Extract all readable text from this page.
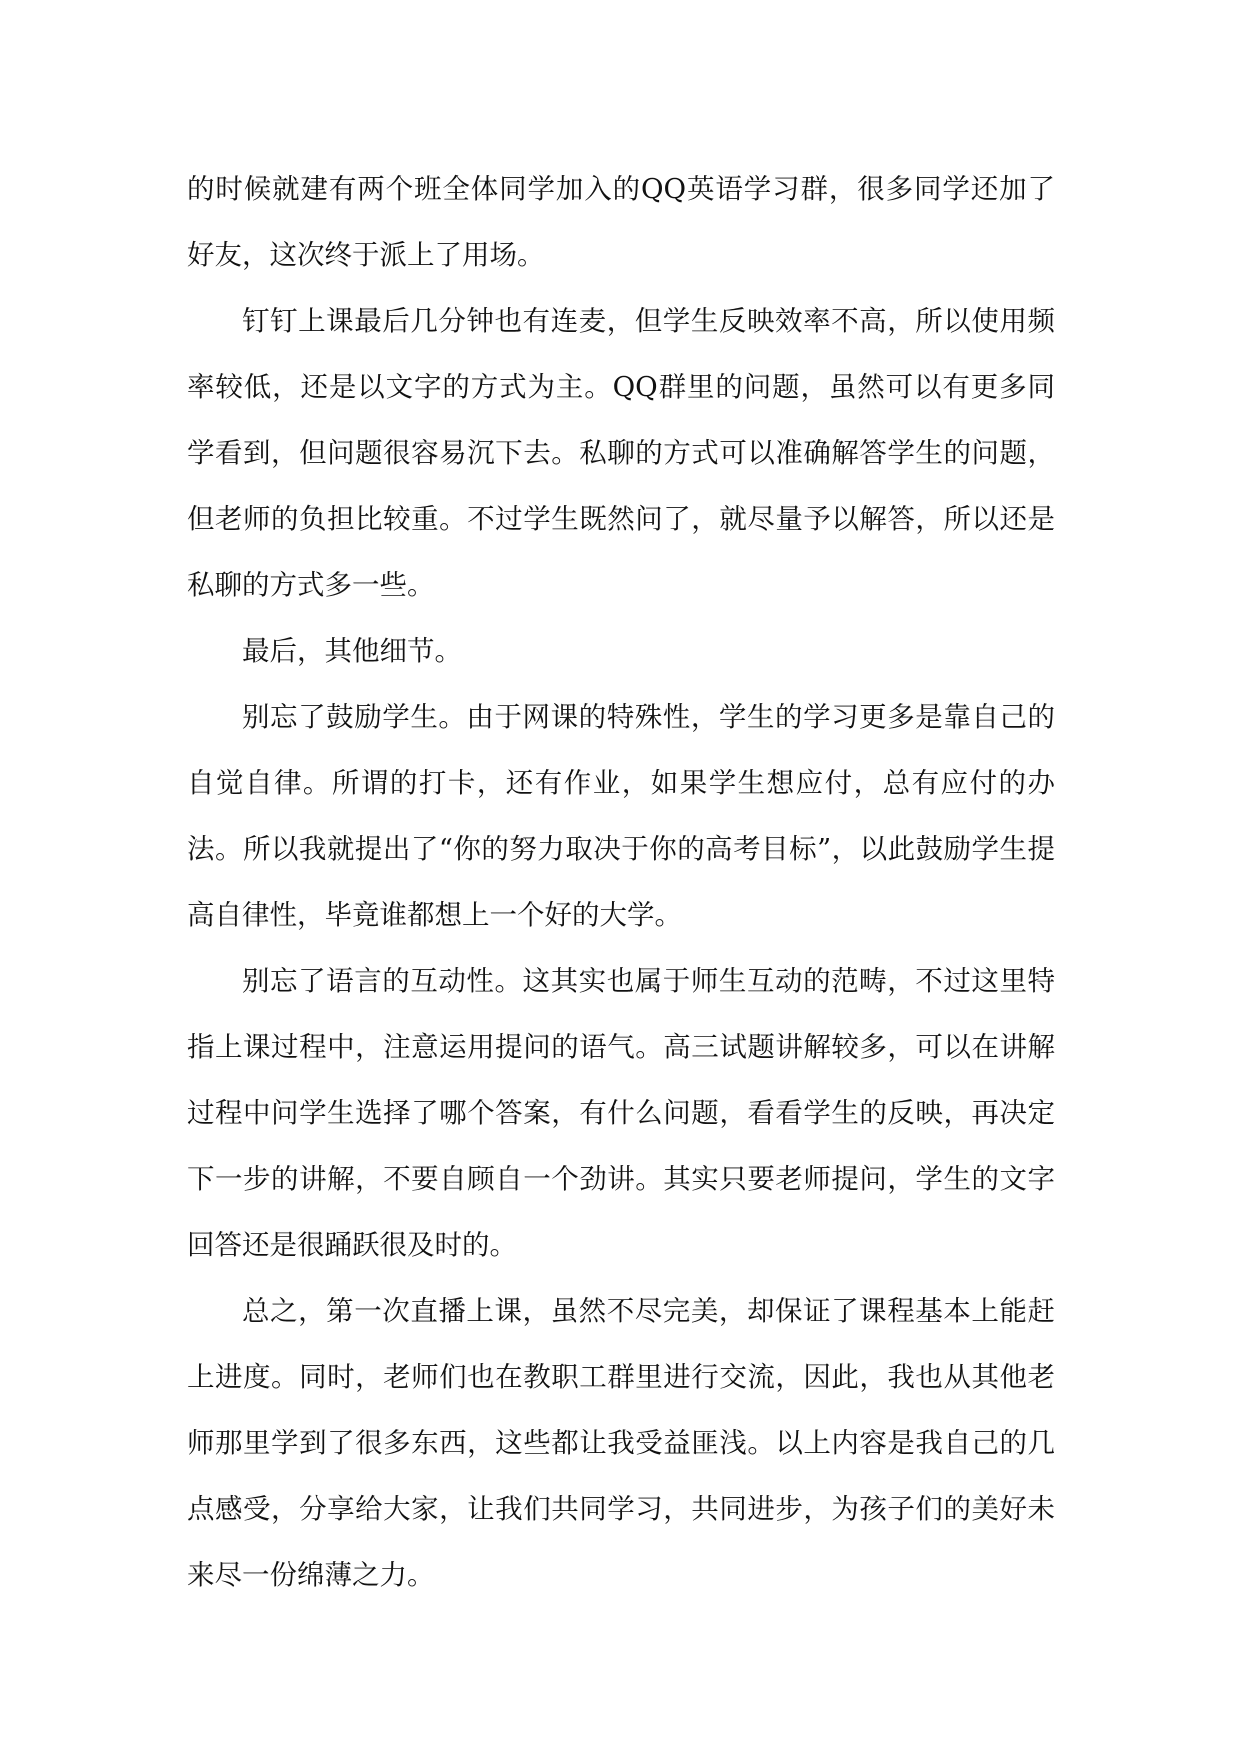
的时候就建有两个班全体同学加入的QQ英语学习群，很多同学还加了好友，这次终于派上了用场。

钉钉上课最后几分钟也有连麦，但学生反映效率不高，所以使用频率较低，还是以文字的方式为主。QQ群里的问题，虽然可以有更多同学看到，但问题很容易沉下去。私聊的方式可以准确解答学生的问题，但老师的负担比较重。不过学生既然问了，就尽量予以解答，所以还是私聊的方式多一些。

最后，其他细节。

别忘了鼓励学生。由于网课的特殊性，学生的学习更多是靠自己的自觉自律。所谓的打卡，还有作业，如果学生想应付，总有应付的办法。所以我就提出了“你的努力取决于你的高考目标”，以此鼓励学生提高自律性，毕竟谁都想上一个好的大学。

别忘了语言的互动性。这其实也属于师生互动的范畴，不过这里特指上课过程中，注意运用提问的语气。高三试题讲解较多，可以在讲解过程中问学生选择了哪个答案，有什么问题，看看学生的反映，再决定下一步的讲解，不要自顾自一个劲讲。其实只要老师提问，学生的文字回答还是很踊跃很及时的。

总之，第一次直播上课，虽然不尽完美，却保证了课程基本上能赶上进度。同时，老师们也在教职工群里进行交流，因此，我也从其他老师那里学到了很多东西，这些都让我受益匪浅。以上内容是我自己的几点感受，分享给大家，让我们共同学习，共同进步，为孩子们的美好未来尽一份绵薄之力。
